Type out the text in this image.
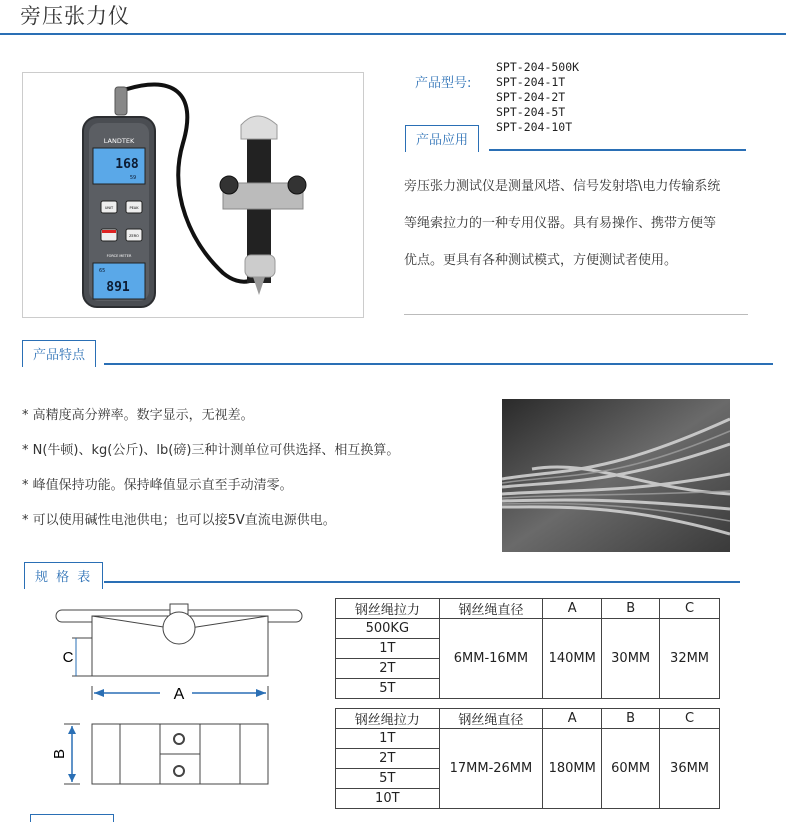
旁压张力仪
LANDTEK
168
59
UNIT	PEAK
ZERO
FORCE METER
65
891
产品型号:
SPT-204-500K
SPT-204-1T
SPT-204-2T
SPT-204-5T
SPT-204-10T
产品应用
旁压张力测试仪是测量风塔、信号发射塔\电力传输系统
等绳索拉力的一种专用仪器。具有易操作、携带方便等
优点。更具有各种测试模式，方便测试者使用。
产品特点
* 高精度高分辨率。数字显示，无视差。
* N(牛顿)、kg(公斤)、lb(磅)三种计测单位可供选择、相互换算。
* 峰值保持功能。保持峰值显示直至手动清零。
* 可以使用碱性电池供电；也可以接5V直流电源供电。
规 格 表
C
A
B
钢丝绳拉力	钢丝绳直径	A	B	C
500KG	6MM-16MM	140MM	30MM	32MM
1T				
2T				
5T				
钢丝绳拉力	钢丝绳直径	A	B	C
1T	17MM-26MM	180MM	60MM	36MM
2T				
5T				
10T				
